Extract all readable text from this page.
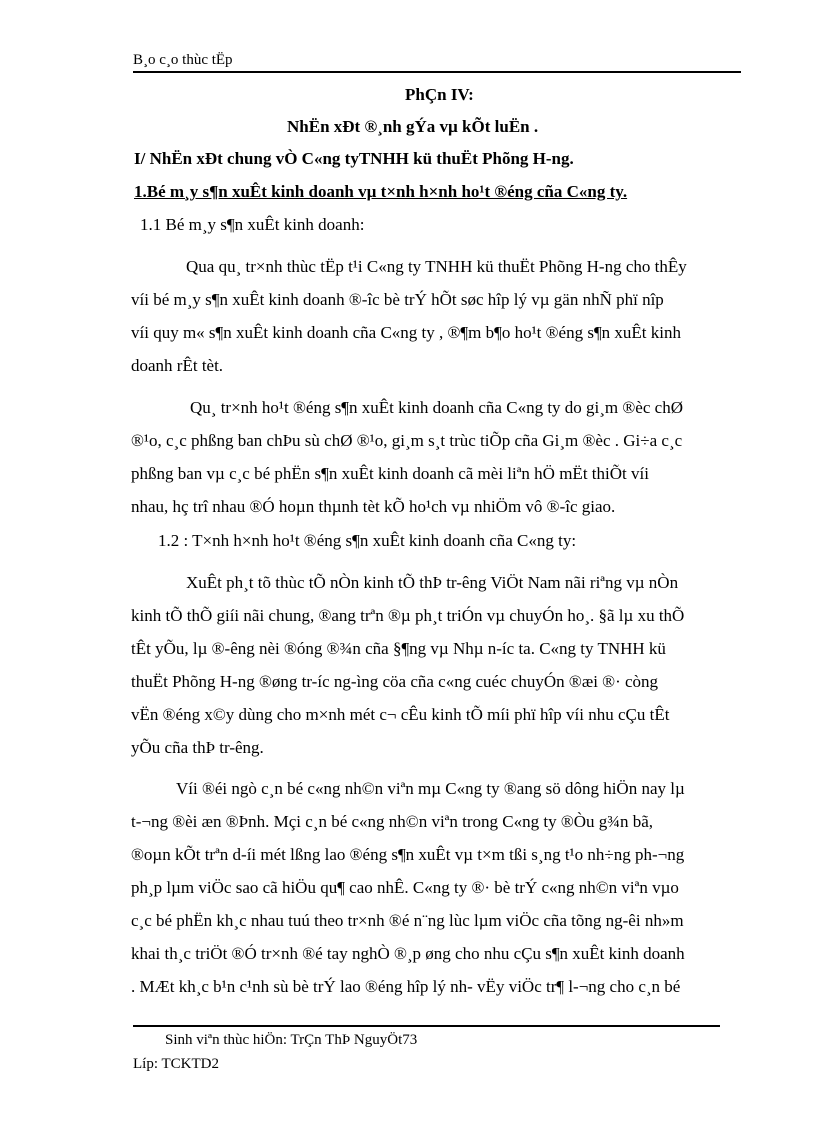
B¸o c¸o thùc tËp
PhÇn IV:
NhËn xÐt ®¸nh gÝa vµ kÕt luËn .
I/ NhËn xÐt chung vÒ C«ng tyTNHH kü thuËt Phõng H-ng.
1.Bé m¸y s¶n xuÊt kinh doanh vµ t×nh h×nh ho¹t ®éng cña C«ng ty.
1.1 Bé m¸y s¶n xuÊt kinh doanh:
Qua qu¸ tr×nh thùc tËp t¹i C«ng ty TNHH kü thuËt Phõng H-ng cho thÊy
víi bé m¸y s¶n xuÊt kinh doanh ®-îc bè trÝ hÕt søc hîp lý vµ gän nhÑ phï nîp
víi quy m« s¶n xuÊt kinh doanh cña C«ng ty , ®¶m b¶o ho¹t ®éng s¶n xuÊt kinh
doanh rÊt tèt.
Qu¸ tr×nh ho¹t ®éng s¶n xuÊt kinh doanh cña C«ng ty do gi¸m ®èc chØ
®¹o, c¸c phßng ban chÞu sù chØ ®¹o, gi¸m s¸t trùc tiÕp cña Gi¸m ®èc . Gi÷a c¸c
phßng ban vµ c¸c bé phËn s¶n xuÊt kinh doanh cã mèi liªn hÖ mËt thiÕt víi
nhau, hç trî nhau ®Ó hoµn thµnh tèt kÕ ho¹ch vµ nhiÖm vô ®-îc giao.
1.2 : T×nh h×nh ho¹t ®éng s¶n xuÊt kinh doanh cña C«ng ty:
XuÊt ph¸t tõ thùc tÕ nÒn kinh tÕ thÞ tr-êng ViÖt Nam nãi riªng vµ nÒn
kinh tÕ thÕ giíi nãi chung, ®ang trªn ®µ ph¸t triÓn vµ chuyÓn ho¸. §ã lµ xu thÕ
tÊt yÕu, lµ ®-êng nèi ®óng ®¾n cña §¶ng vµ Nhµ n-íc ta. C«ng ty TNHH kü
thuËt Phõng H-ng ®øng tr-íc ng-ìng cöa cña c«ng cuéc chuyÓn ®æi ®· còng
vËn ®éng x©y dùng cho m×nh mét c¬ cÊu kinh tÕ míi phï hîp víi nhu cÇu tÊt
yÕu cña thÞ tr-êng.
Víi ®éi ngò c¸n bé c«ng nh©n viªn mµ C«ng ty ®ang sö dông hiÖn nay lµ
t-¬ng ®èi æn ®Þnh. Mçi c¸n bé c«ng nh©n viªn trong C«ng ty ®Òu g¾n bã,
®oµn kÕt trªn d-íi mét lßng lao ®éng s¶n xuÊt vµ t×m tßi s¸ng t¹o nh÷ng ph-¬ng
ph¸p lµm viÖc sao cã hiÖu qu¶ cao nhÊ. C«ng ty ®· bè trÝ c«ng nh©n viªn vµo
c¸c bé phËn kh¸c nhau tuú theo tr×nh ®é n¨ng lùc lµm viÖc cña tõng ng-êi nh»m
khai th¸c triÖt ®Ó tr×nh ®é tay nghÒ ®¸p øng cho nhu cÇu s¶n xuÊt kinh doanh
. MÆt kh¸c b¹n c¹nh sù bè trÝ lao ®éng hîp lý nh- vËy viÖc tr¶ l-¬ng cho c¸n bé
Sinh viªn thùc hiÖn: TrÇn ThÞ NguyÖt73
Líp: TCKTD2
